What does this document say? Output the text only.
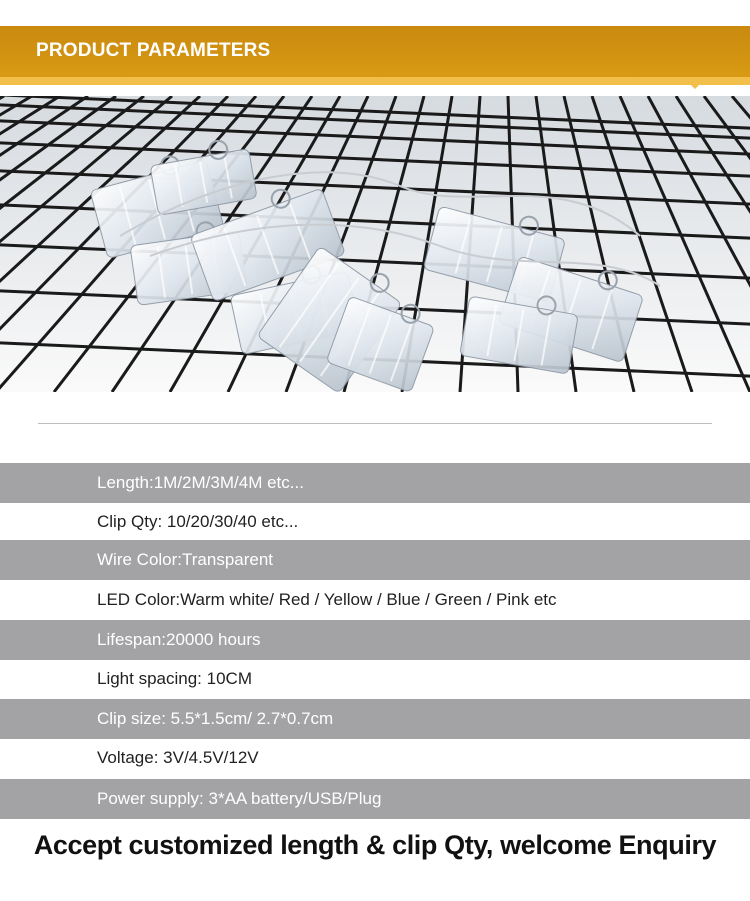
PRODUCT PARAMETERS
Length:1M/2M/3M/4M etc...
Clip Qty: 10/20/30/40 etc...
Wire Color:Transparent
LED Color:Warm white/ Red / Yellow / Blue / Green / Pink etc
Lifespan:20000 hours
Light spacing: 10CM
Clip size: 5.5*1.5cm/ 2.7*0.7cm
Voltage: 3V/4.5V/12V
Power supply: 3*AA battery/USB/Plug
Accept customized length & clip Qty, welcome Enquiry
